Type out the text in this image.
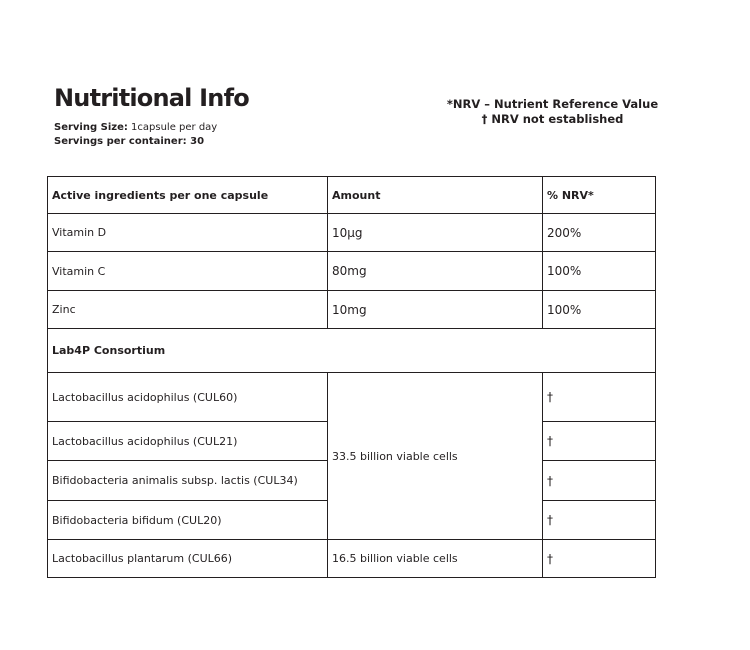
Nutritional Info
Serving Size: 1capsule per day
Servings per container: 30
*NRV – Nutrient Reference Value
† NRV not established
Active ingredients per one capsule	Amount	% NRV*
Vitamin D	10µg	200%
Vitamin C	80mg	100%
Zinc	10mg	100%
Lab4P Consortium		
Lactobacillus acidophilus (CUL60)	33.5 billion viable cells	†
Lactobacillus acidophilus (CUL21)		†
Bifidobacteria animalis subsp. lactis (CUL34)		†
Bifidobacteria bifidum (CUL20)		†
Lactobacillus plantarum (CUL66)	16.5 billion viable cells	†
